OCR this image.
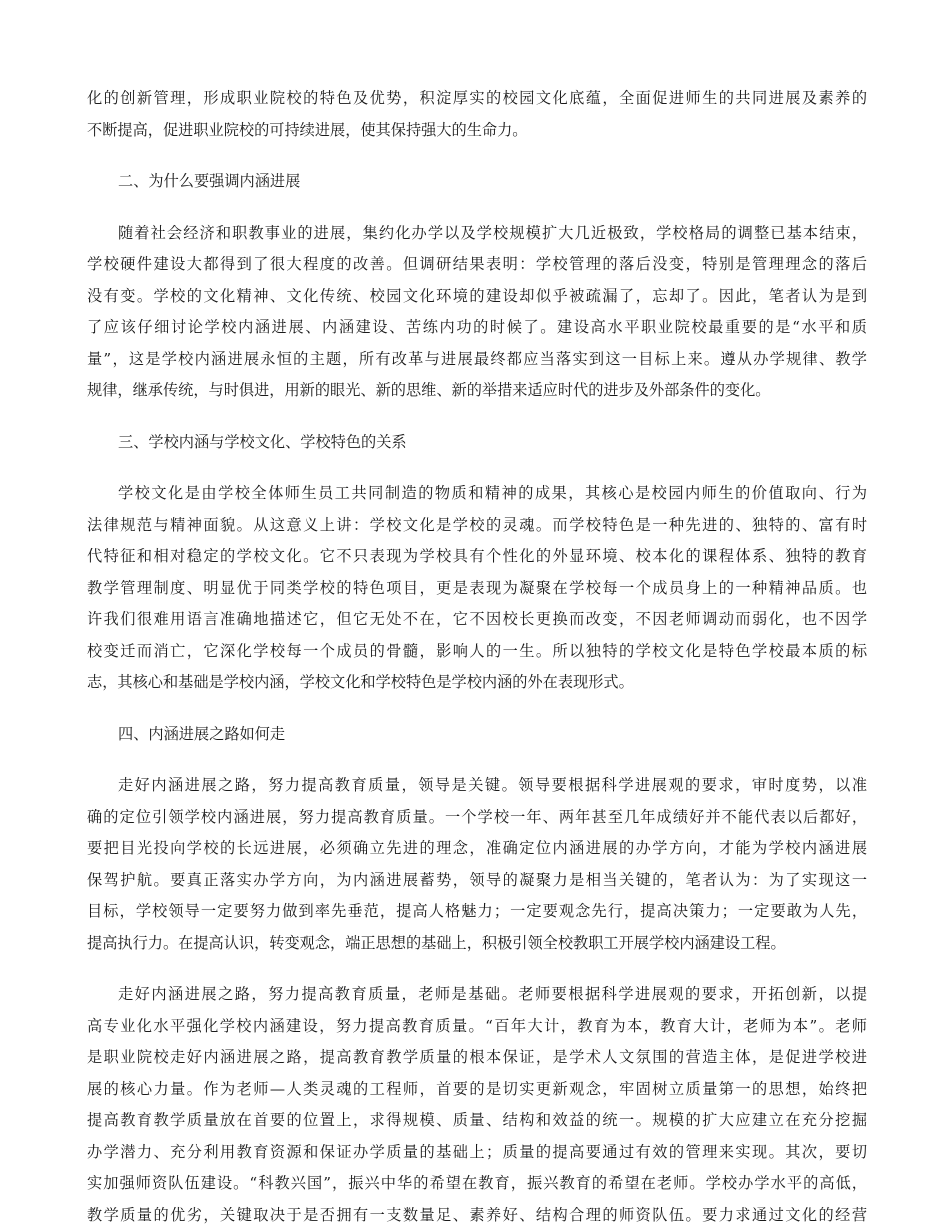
化的创新管理，形成职业院校的特色及优势，积淀厚实的校园文化底蕴，全面促进师生的共同进展及素养的
不断提高，促进职业院校的可持续进展，使其保持强大的生命力。
二、为什么要强调内涵进展
随着社会经济和职教事业的进展，集约化办学以及学校规模扩大几近极致，学校格局的调整已基本结束，
学校硬件建设大都得到了很大程度的改善。但调研结果表明：学校管理的落后没变，特别是管理理念的落后
没有变。学校的文化精神、文化传统、校园文化环境的建设却似乎被疏漏了，忘却了。因此，笔者认为是到
了应该仔细讨论学校内涵进展、内涵建设、苦练内功的时候了。建设高水平职业院校最重要的是“水平和质
量”，这是学校内涵进展永恒的主题，所有改革与进展最终都应当落实到这一目标上来。遵从办学规律、教学
规律，继承传统，与时俱进，用新的眼光、新的思维、新的举措来适应时代的进步及外部条件的变化。
三、学校内涵与学校文化、学校特色的关系
学校文化是由学校全体师生员工共同制造的物质和精神的成果，其核心是校园内师生的价值取向、行为
法律规范与精神面貌。从这意义上讲：学校文化是学校的灵魂。而学校特色是一种先进的、独特的、富有时
代特征和相对稳定的学校文化。它不只表现为学校具有个性化的外显环境、校本化的课程体系、独特的教育
教学管理制度、明显优于同类学校的特色项目，更是表现为凝聚在学校每一个成员身上的一种精神品质。也
许我们很难用语言准确地描述它，但它无处不在，它不因校长更换而改变，不因老师调动而弱化，也不因学
校变迁而消亡，它深化学校每一个成员的骨髓，影响人的一生。所以独特的学校文化是特色学校最本质的标
志，其核心和基础是学校内涵，学校文化和学校特色是学校内涵的外在表现形式。
四、内涵进展之路如何走
走好内涵进展之路，努力提高教育质量，领导是关键。领导要根据科学进展观的要求，审时度势，以准
确的定位引领学校内涵进展，努力提高教育质量。一个学校一年、两年甚至几年成绩好并不能代表以后都好，
要把目光投向学校的长远进展，必须确立先进的理念，准确定位内涵进展的办学方向，才能为学校内涵进展
保驾护航。要真正落实办学方向，为内涵进展蓄势，领导的凝聚力是相当关键的，笔者认为：为了实现这一
目标，学校领导一定要努力做到率先垂范，提高人格魅力；一定要观念先行，提高决策力；一定要敢为人先，
提高执行力。在提高认识，转变观念，端正思想的基础上，积极引领全校教职工开展学校内涵建设工程。
走好内涵进展之路，努力提高教育质量，老师是基础。老师要根据科学进展观的要求，开拓创新，以提
高专业化水平强化学校内涵建设，努力提高教育质量。“百年大计，教育为本，教育大计，老师为本”。老师
是职业院校走好内涵进展之路，提高教育教学质量的根本保证，是学术人文氛围的营造主体，是促进学校进
展的核心力量。作为老师—人类灵魂的工程师，首要的是切实更新观念，牢固树立质量第一的思想，始终把
提高教育教学质量放在首要的位置上，求得规模、质量、结构和效益的统一。规模的扩大应建立在充分挖掘
办学潜力、充分利用教育资源和保证办学质量的基础上；质量的提高要通过有效的管理来实现。其次，要切
实加强师资队伍建设。“科教兴国”，振兴中华的希望在教育，振兴教育的希望在老师。学校办学水平的高低，
教学质量的优劣，关键取决于是否拥有一支数量足、素养好、结构合理的师资队伍。要力求通过文化的经营
